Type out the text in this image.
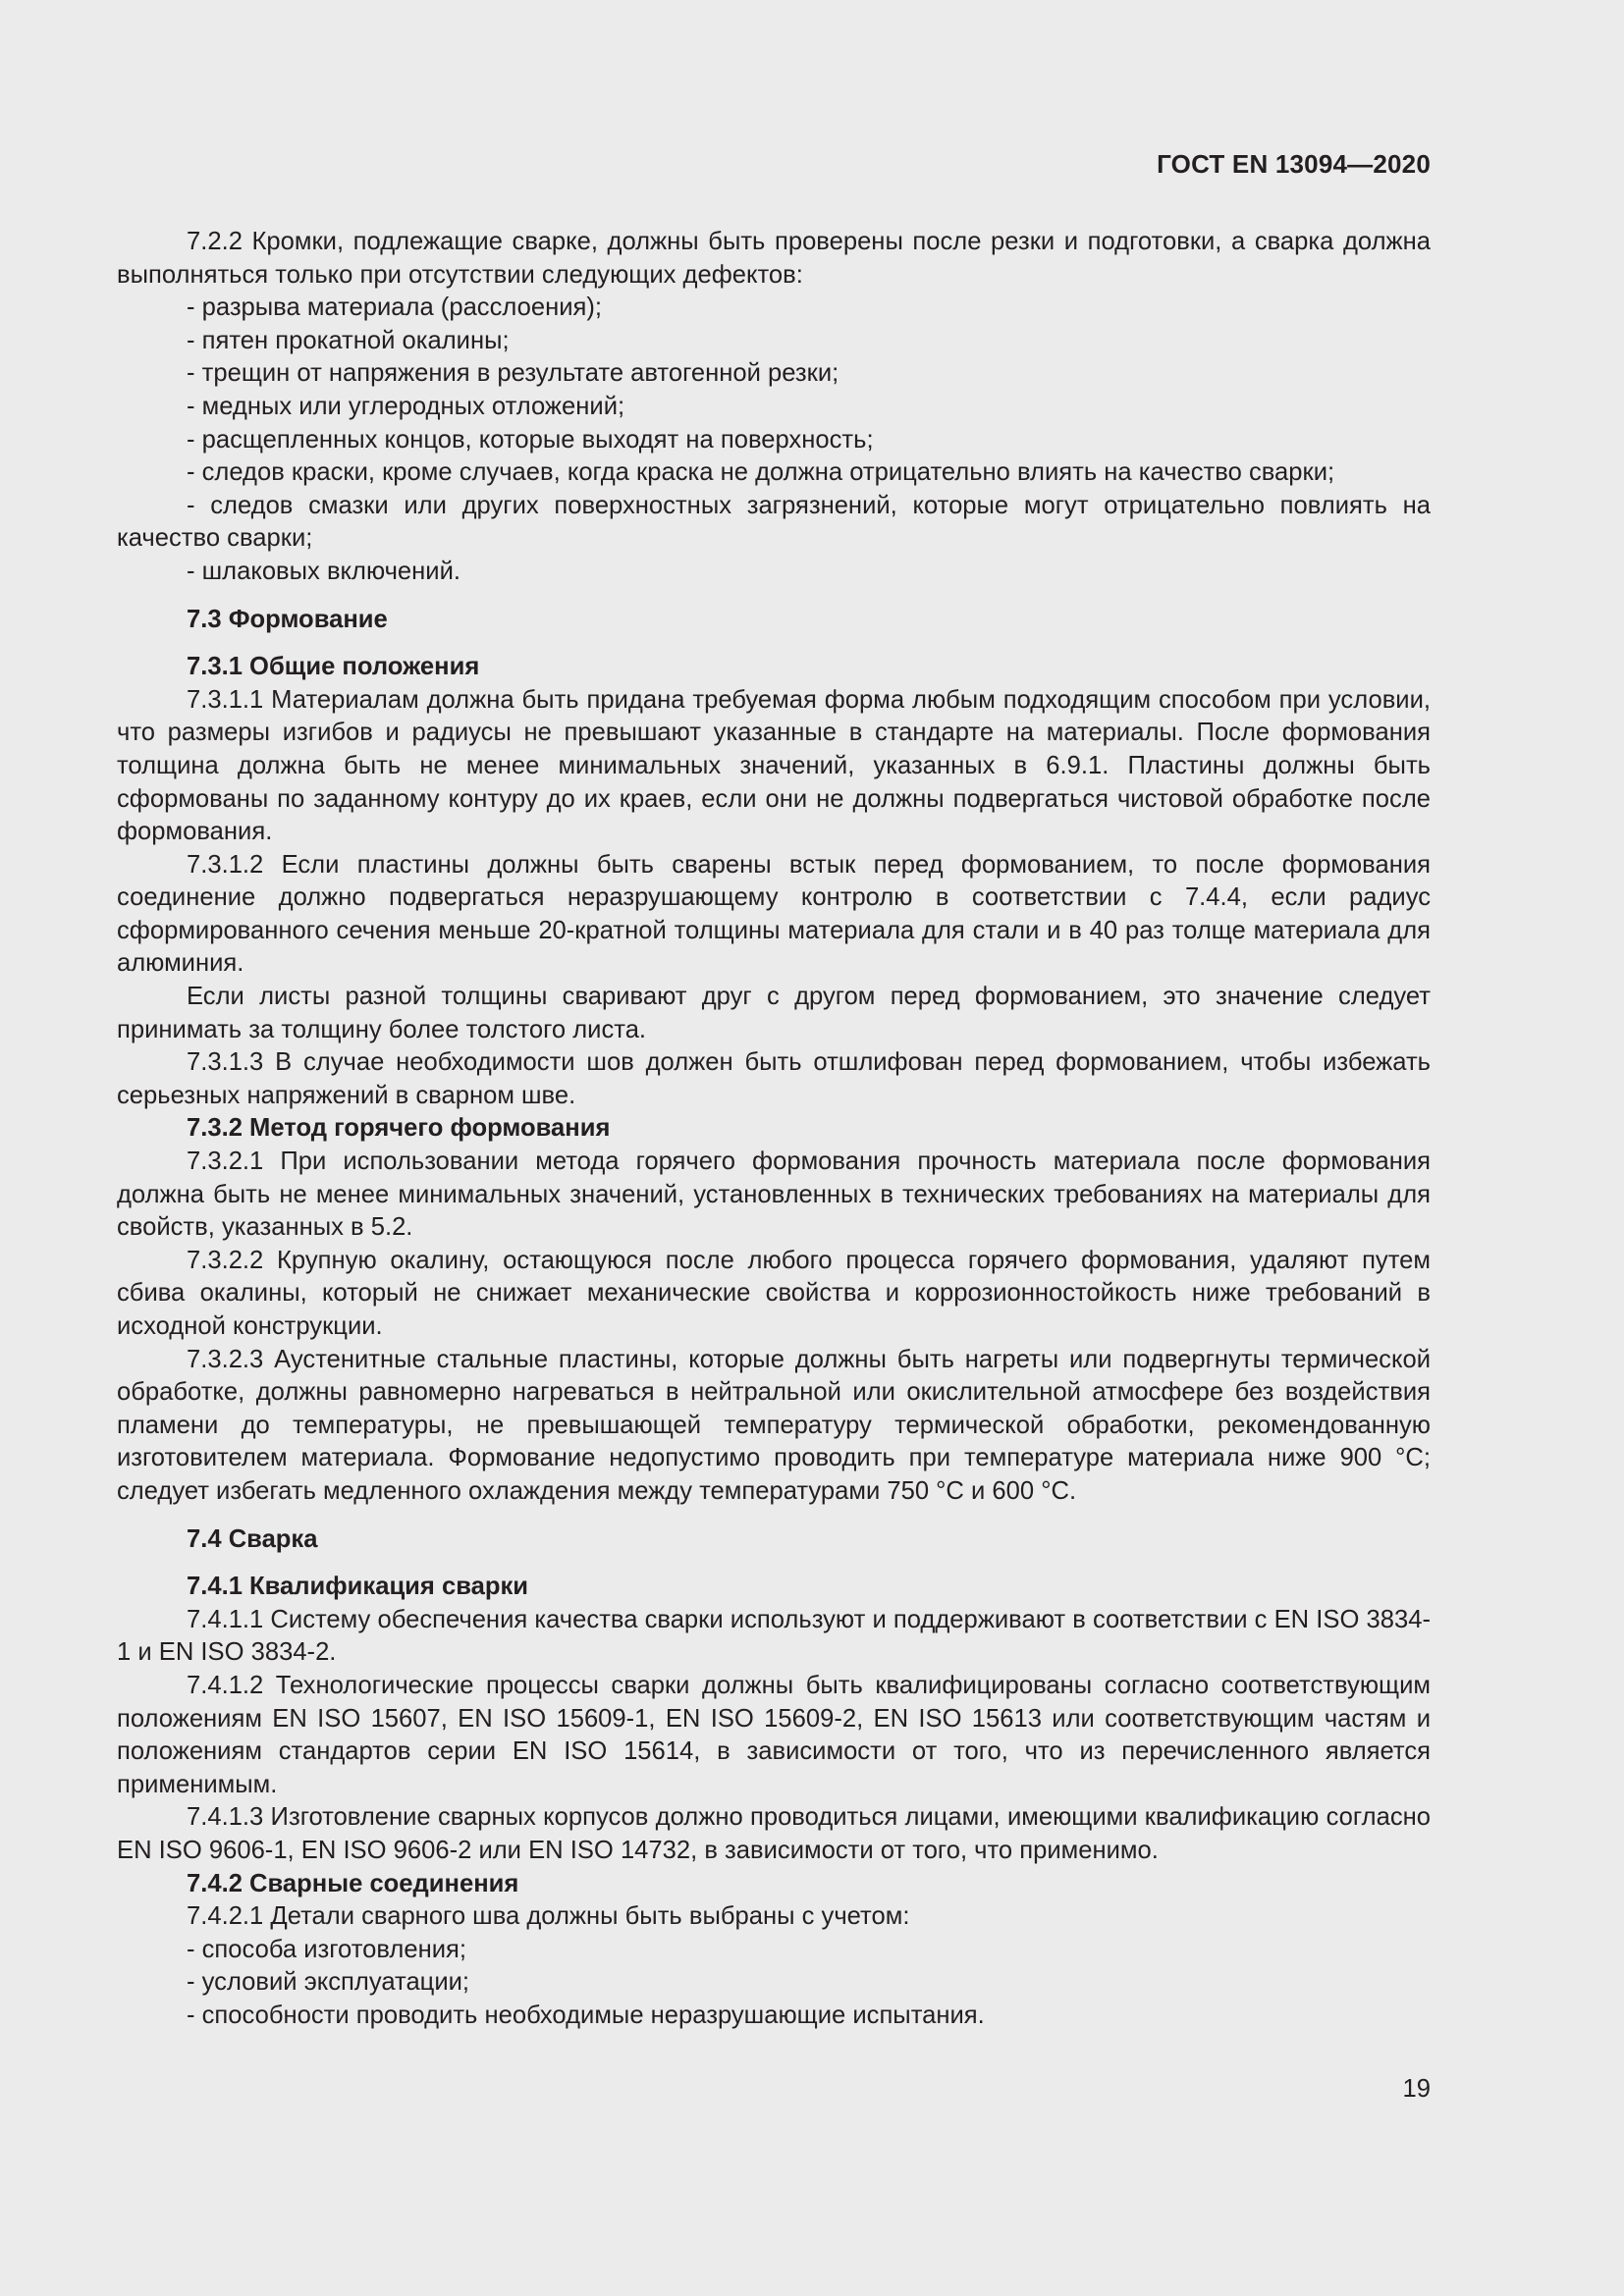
ГОСТ EN 13094—2020

7.2.2 Кромки, подлежащие сварке, должны быть проверены после резки и подготовки, а сварка должна выполняться только при отсутствии следующих дефектов:

- разрыва материала (расслоения);

- пятен прокатной окалины;

- трещин от напряжения в результате автогенной резки;

- медных или углеродных отложений;

- расщепленных концов, которые выходят на поверхность;

- следов краски, кроме случаев, когда краска не должна отрицательно влиять на качество сварки;

- следов смазки или других поверхностных загрязнений, которые могут отрицательно повлиять на качество сварки;

- шлаковых включений.

7.3 Формование

7.3.1 Общие положения

7.3.1.1 Материалам должна быть придана требуемая форма любым подходящим способом при условии, что размеры изгибов и радиусы не превышают указанные в стандарте на материалы. После формования толщина должна быть не менее минимальных значений, указанных в 6.9.1. Пластины должны быть сформованы по заданному контуру до их краев, если они не должны подвергаться чистовой обработке после формования.

7.3.1.2 Если пластины должны быть сварены встык перед формованием, то после формования соединение должно подвергаться неразрушающему контролю в соответствии с 7.4.4, если радиус сформированного сечения меньше 20-кратной толщины материала для стали и в 40 раз толще материала для алюминия.

Если листы разной толщины сваривают друг с другом перед формованием, это значение следует принимать за толщину более толстого листа.

7.3.1.3 В случае необходимости шов должен быть отшлифован перед формованием, чтобы избежать серьезных напряжений в сварном шве.

7.3.2 Метод горячего формования

7.3.2.1 При использовании метода горячего формования прочность материала после формования должна быть не менее минимальных значений, установленных в технических требованиях на материалы для свойств, указанных в 5.2.

7.3.2.2 Крупную окалину, остающуюся после любого процесса горячего формования, удаляют путем сбива окалины, который не снижает механические свойства и коррозионностойкость ниже требований в исходной конструкции.

7.3.2.3 Аустенитные стальные пластины, которые должны быть нагреты или подвергнуты термической обработке, должны равномерно нагреваться в нейтральной или окислительной атмосфере без воздействия пламени до температуры, не превышающей температуру термической обработки, рекомендованную изготовителем материала. Формование недопустимо проводить при температуре материала ниже 900 °С; следует избегать медленного охлаждения между температурами 750 °С и 600 °С.

7.4 Сварка

7.4.1 Квалификация сварки

7.4.1.1 Систему обеспечения качества сварки используют и поддерживают в соответствии с EN ISO 3834-1 и EN ISO 3834-2.

7.4.1.2 Технологические процессы сварки должны быть квалифицированы согласно соответствующим положениям EN ISO 15607, EN ISO 15609-1, EN ISO 15609-2, EN ISO 15613 или соответствующим частям и положениям стандартов серии EN ISO 15614, в зависимости от того, что из перечисленного является применимым.

7.4.1.3 Изготовление сварных корпусов должно проводиться лицами, имеющими квалификацию согласно EN ISO 9606-1, EN ISO 9606-2 или EN ISO 14732, в зависимости от того, что применимо.

7.4.2 Сварные соединения

7.4.2.1 Детали сварного шва должны быть выбраны с учетом:

- способа изготовления;

- условий эксплуатации;

- способности проводить необходимые неразрушающие испытания.

19
